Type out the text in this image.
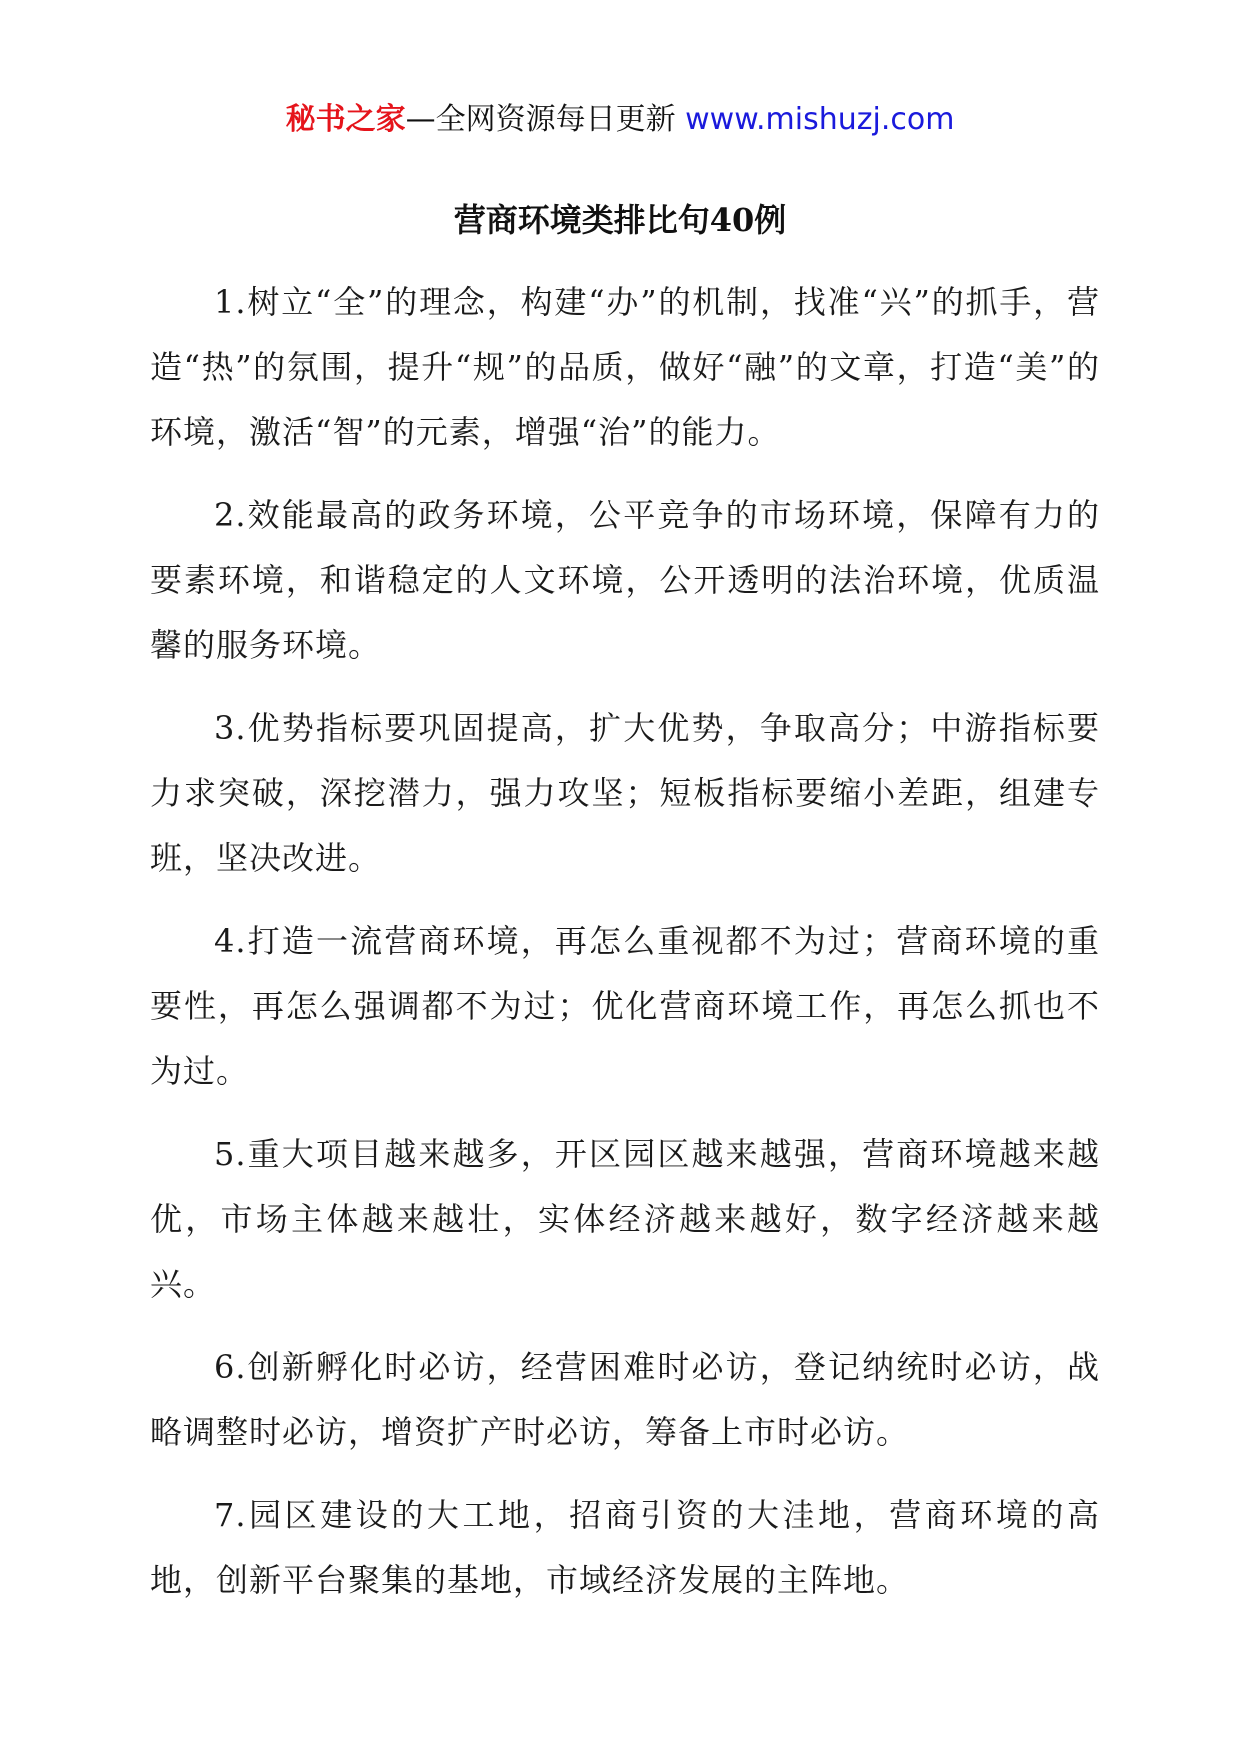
秘书之家—全网资源每日更新 www.mishuzj.com
营商环境类排比句40例

1.树立“全”的理念，构建“办”的机制，找准“兴”的抓手，营造“热”的氛围，提升“规”的品质，做好“融”的文章，打造“美”的环境，激活“智”的元素，增强“治”的能力。

2.效能最高的政务环境，公平竞争的市场环境，保障有力的要素环境，和谐稳定的人文环境，公开透明的法治环境，优质温馨的服务环境。

3.优势指标要巩固提高，扩大优势，争取高分；中游指标要力求突破，深挖潜力，强力攻坚；短板指标要缩小差距，组建专班，坚决改进。

4.打造一流营商环境，再怎么重视都不为过；营商环境的重要性，再怎么强调都不为过；优化营商环境工作，再怎么抓也不为过。

5.重大项目越来越多，开区园区越来越强，营商环境越来越优，市场主体越来越壮，实体经济越来越好，数字经济越来越兴。

6.创新孵化时必访，经营困难时必访，登记纳统时必访，战略调整时必访，增资扩产时必访，筹备上市时必访。

7.园区建设的大工地，招商引资的大洼地，营商环境的高地，创新平台聚集的基地，市域经济发展的主阵地。
